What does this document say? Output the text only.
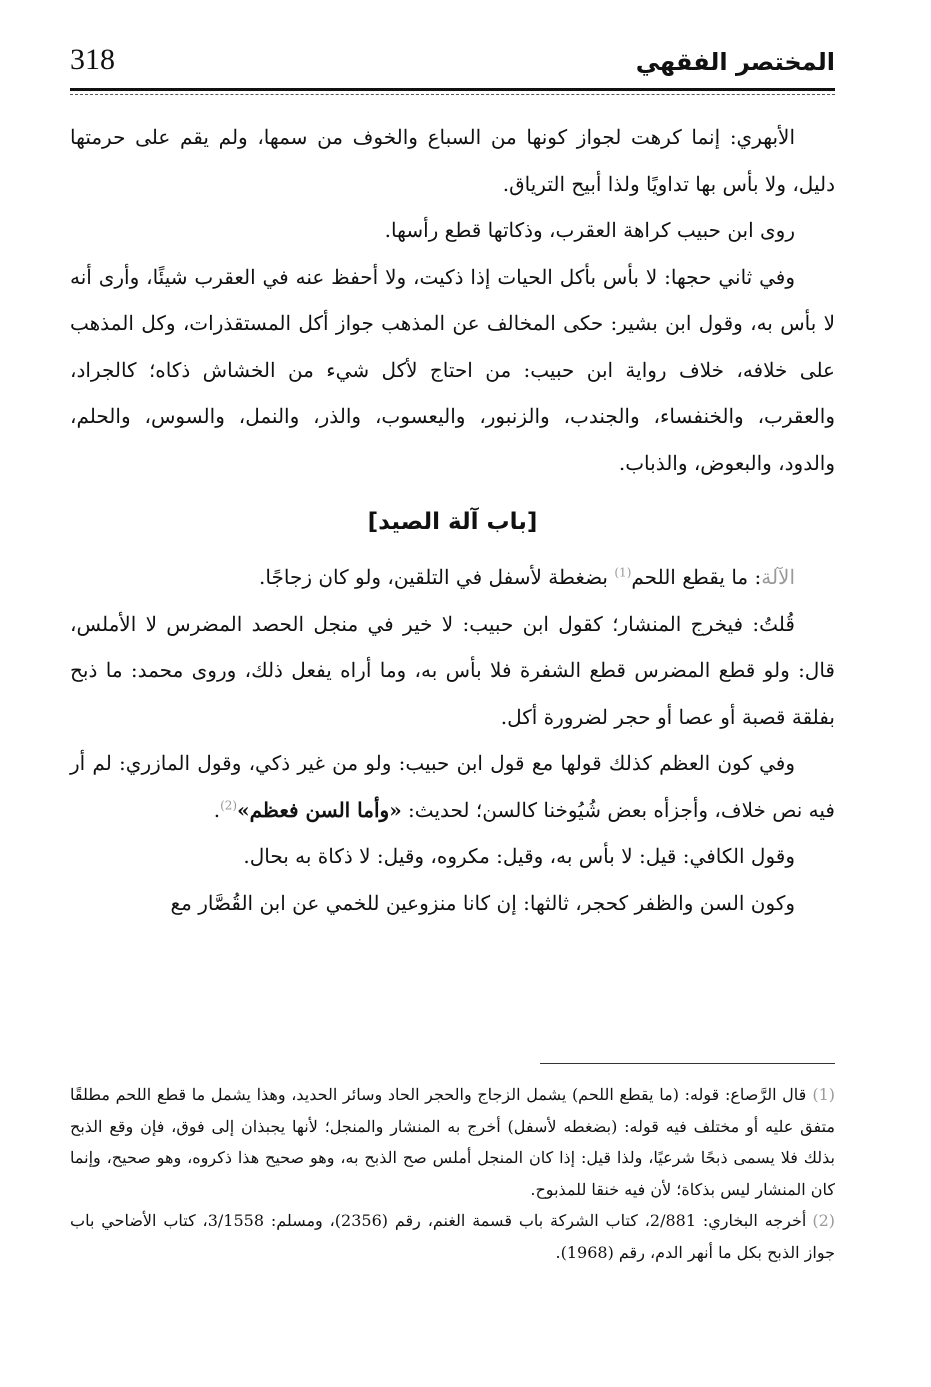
318	المختصر الفقهي

الأبهري: إنما كرهت لجواز كونها من السباع والخوف من سمها، ولم يقم على حرمتها دليل، ولا بأس بها تداويًا ولذا أبيح الترياق.

روى ابن حبيب كراهة العقرب، وذكاتها قطع رأسها.

وفي ثاني حجها: لا بأس بأكل الحيات إذا ذكيت، ولا أحفظ عنه في العقرب شيئًا، وأرى أنه لا بأس به، وقول ابن بشير: حكى المخالف عن المذهب جواز أكل المستقذرات، وكل المذهب على خلافه، خلاف رواية ابن حبيب: من احتاج لأكل شيء من الخشاش ذكاه؛ كالجراد، والعقرب، والخنفساء، والجندب، والزنبور، واليعسوب، والذر، والنمل، والسوس، والحلم، والدود، والبعوض، والذباب.

[باب آلة الصيد]

الآلة: ما يقطع اللحم$^{(1)}$ بضغطة لأسفل في التلقين، ولو كان زجاجًا.

قُلتُ: فيخرج المنشار؛ كقول ابن حبيب: لا خير في منجل الحصد المضرس لا الأملس، قال: ولو قطع المضرس قطع الشفرة فلا بأس به، وما أراه يفعل ذلك، وروى محمد: ما ذبح بفلقة قصبة أو عصا أو حجر لضرورة أكل.

وفي كون العظم كذلك قولها مع قول ابن حبيب: ولو من غير ذكي، وقول المازري: لم أر فيه نص خلاف، وأجزأه بعض شُيُوخنا كالسن؛ لحديث: «وأما السن فعظم»$^{(2)}$.

وقول الكافي: قيل: لا بأس به، وقيل: مكروه، وقيل: لا ذكاة به بحال.

وكون السن والظفر كحجر، ثالثها: إن كانا منزوعين للخمي عن ابن القُصَّار مع

(1)قال الرَّصاع: قوله: (ما يقطع اللحم) يشمل الزجاج والحجر الحاد وسائر الحديد، وهذا يشمل ما قطع اللحم مطلقًا متفق عليه أو مختلف فيه قوله: (بضغطه لأسفل) أخرج به المنشار والمنجل؛ لأنها يجبذان إلى فوق، فإن وقع الذبح بذلك فلا يسمى ذبحًا شرعيًا، ولذا قيل: إذا كان المنجل أملس صح الذبح به، وهو صحيح هذا ذكروه، وهو صحيح، وإنما كان المنشار ليس بذكاة؛ لأن فيه خنقا للمذبوح.

(2)أخرجه البخاري: 2/881، كتاب الشركة باب قسمة الغنم، رقم (2356)، ومسلم: 3/1558، كتاب الأضاحي باب جواز الذبح بكل ما أنهر الدم، رقم (1968).
